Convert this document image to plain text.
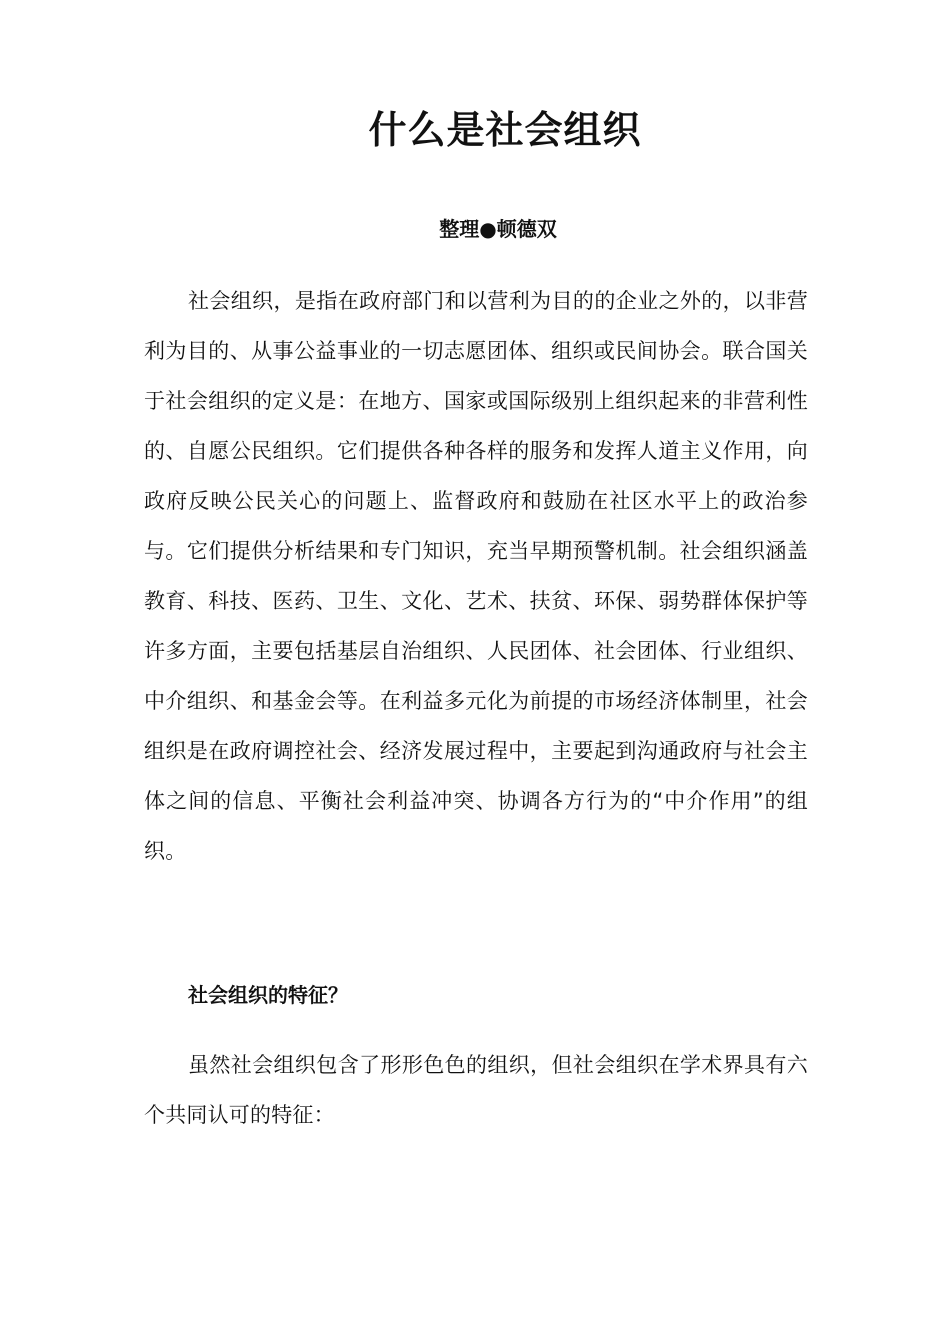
什么是社会组织
整理●顿德双

社会组织，是指在政府部门和以营利为目的的企业之外的，以非营利为目的、从事公益事业的一切志愿团体、组织或民间协会。联合国关于社会组织的定义是：在地方、国家或国际级别上组织起来的非营利性的、自愿公民组织。它们提供各种各样的服务和发挥人道主义作用，向政府反映公民关心的问题上、监督政府和鼓励在社区水平上的政治参与。它们提供分析结果和专门知识，充当早期预警机制。社会组织涵盖教育、科技、医药、卫生、文化、艺术、扶贫、环保、弱势群体保护等许多方面，主要包括基层自治组织、人民团体、社会团体、行业组织、中介组织、和基金会等。在利益多元化为前提的市场经济体制里，社会组织是在政府调控社会、经济发展过程中，主要起到沟通政府与社会主体之间的信息、平衡社会利益冲突、协调各方行为的“中介作用”的组织。

社会组织的特征？

虽然社会组织包含了形形色色的组织，但社会组织在学术界具有六个共同认可的特征：
